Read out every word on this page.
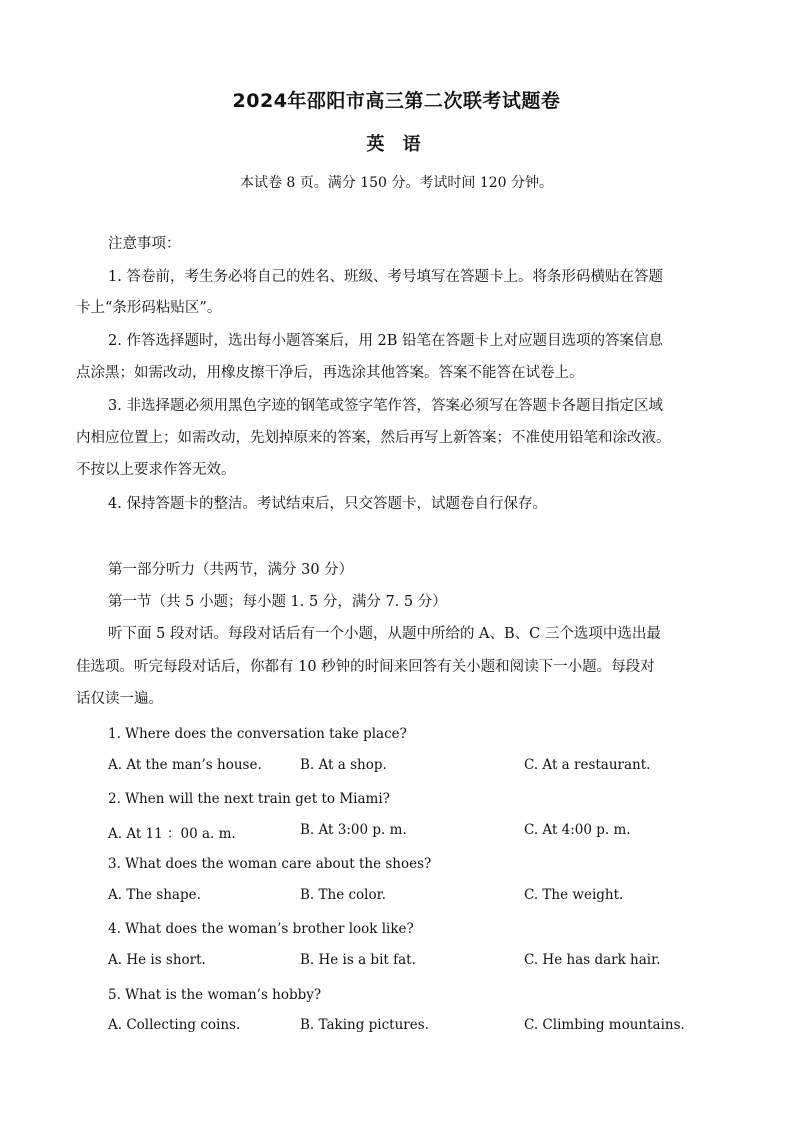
2024年邵阳市高三第二次联考试题卷
英 语
本试卷 8 页。满分 150 分。考试时间 120 分钟。
注意事项：
1. 答卷前，考生务必将自己的姓名、班级、考号填写在答题卡上。将条形码横贴在答题
卡上“条形码粘贴区”。
2. 作答选择题时，选出每小题答案后，用 2B 铅笔在答题卡上对应题目选项的答案信息
点涂黑；如需改动，用橡皮擦干净后，再选涂其他答案。答案不能答在试卷上。
3. 非选择题必须用黑色字迹的钢笔或签字笔作答，答案必须写在答题卡各题目指定区域
内相应位置上；如需改动，先划掉原来的答案，然后再写上新答案；不准使用铅笔和涂改液。
不按以上要求作答无效。
4. 保持答题卡的整洁。考试结束后，只交答题卡，试题卷自行保存。
第一部分听力（共两节，满分 30 分）
第一节（共 5 小题；每小题 1. 5 分，满分 7. 5 分）
听下面 5 段对话。每段对话后有一个小题，从题中所给的 A、B、C 三个选项中选出最
佳选项。听完每段对话后，你都有 10 秒钟的时间来回答有关小题和阅读下一小题。每段对
话仅读一遍。
1. Where does the conversation take place?
A. At the man’s house.	B. At a shop.	C. At a restaurant.
2. When will the next train get to Miami?
A. At 11 ：00 a. m.	B. At 3:00 p. m.	C. At 4:00 p. m.
3. What does the woman care about the shoes?
A. The shape.	B. The color.	C. The weight.
4. What does the woman’s brother look like?
A. He is short.	B. He is a bit fat.	C. He has dark hair.
5. What is the woman’s hobby?
A. Collecting coins.	B. Taking pictures.	C. Climbing mountains.
